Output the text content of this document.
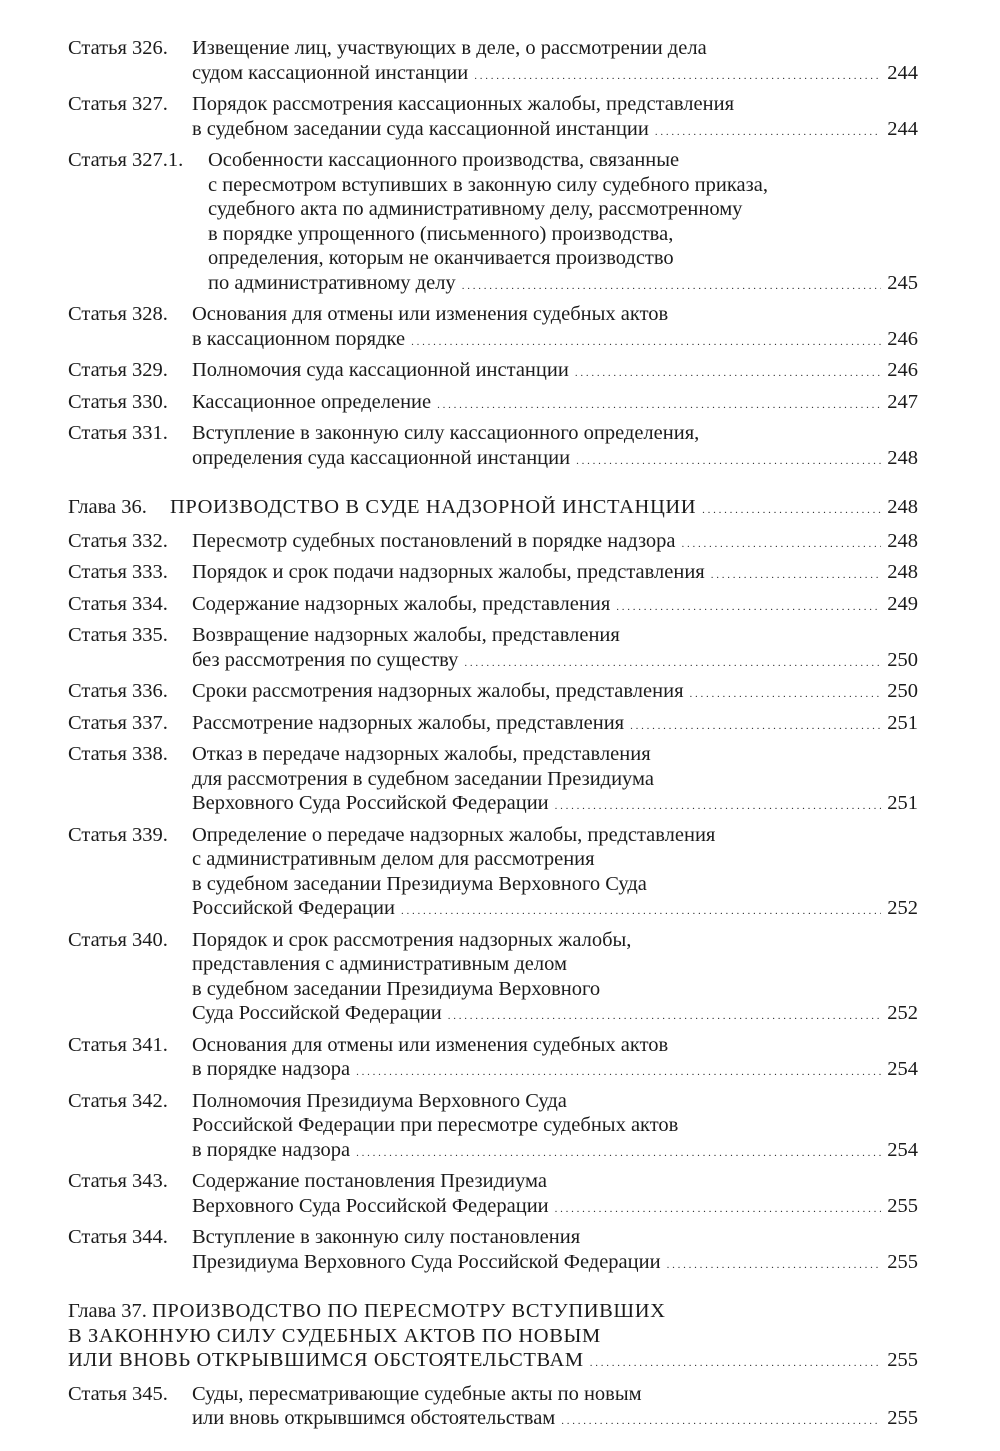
Статья 326.	Извещение лиц, участвующих в деле, о рассмотрении дела
судом кассационной инстанции . . .	244
Статья 327.	Порядок рассмотрения кассационных жалобы, представления
в судебном заседании суда кассационной инстанции . . .	244
Статья 327.1.	Особенности кассационного производства, связанные
с пересмотром вступивших в законную силу судебного приказа,
судебного акта по административному делу, рассмотренному
в порядке упрощенного (письменного) производства,
определения, которым не оканчивается производство
по административному делу . . .	245
Статья 328.	Основания для отмены или изменения судебных актов
в кассационном порядке . . .	246
Статья 329.	Полномочия суда кассационной инстанции . . .	246
Статья 330.	Кассационное определение . . .	247
Статья 331.	Вступление в законную силу кассационного определения,
определения суда кассационной инстанции . . .	248
Глава 36.	ПРОИЗВОДСТВО В СУДЕ НАДЗОРНОЙ ИНСТАНЦИИ . . .	248
Статья 332.	Пересмотр судебных постановлений в порядке надзора . . .	248
Статья 333.	Порядок и срок подачи надзорных жалобы, представления . . .	248
Статья 334.	Содержание надзорных жалобы, представления . . .	249
Статья 335.	Возвращение надзорных жалобы, представления
без рассмотрения по существу . . .	250
Статья 336.	Сроки рассмотрения надзорных жалобы, представления . . .	250
Статья 337.	Рассмотрение надзорных жалобы, представления . . .	251
Статья 338.	Отказ в передаче надзорных жалобы, представления
для рассмотрения в судебном заседании Президиума
Верховного Суда Российской Федерации . . .	251
Статья 339.	Определение о передаче надзорных жалобы, представления
с административным делом для рассмотрения
в судебном заседании Президиума Верховного Суда
Российской Федерации . . .	252
Статья 340.	Порядок и срок рассмотрения надзорных жалобы,
представления с административным делом
в судебном заседании Президиума Верховного
Суда Российской Федерации . . .	252
Статья 341.	Основания для отмены или изменения судебных актов
в порядке надзора . . .	254
Статья 342.	Полномочия Президиума Верховного Суда
Российской Федерации при пересмотре судебных актов
в порядке надзора . . .	254
Статья 343.	Содержание постановления Президиума
Верховного Суда Российской Федерации . . .	255
Статья 344.	Вступление в законную силу постановления
Президиума Верховного Суда Российской Федерации . . .	255
Глава 37. ПРОИЗВОДСТВО ПО ПЕРЕСМОТРУ ВСТУПИВШИХ
В ЗАКОННУЮ СИЛУ СУДЕБНЫХ АКТОВ ПО НОВЫМ
ИЛИ ВНОВЬ ОТКРЫВШИМСЯ ОБСТОЯТЕЛЬСТВАМ . . .	255
Статья 345.	Суды, пересматривающие судебные акты по новым
или вновь открывшимся обстоятельствам . . .	255
